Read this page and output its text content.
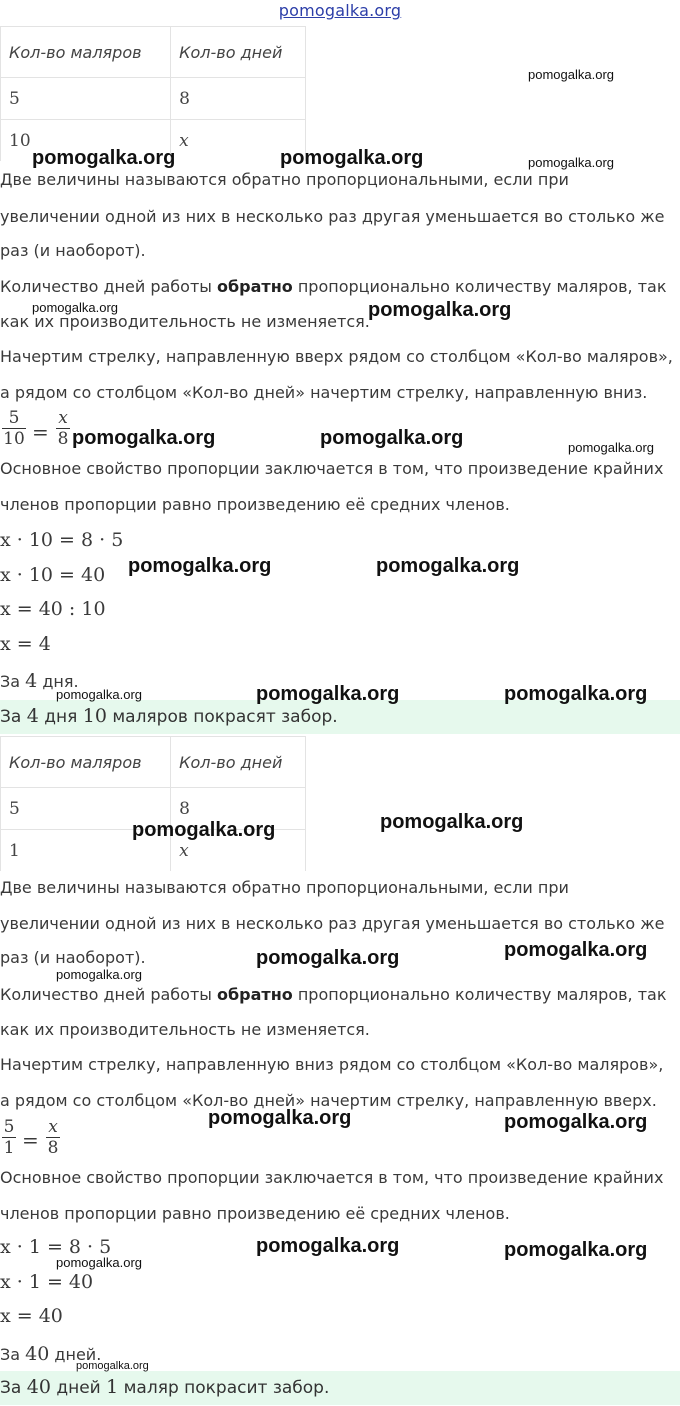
pomogalka.org
Кол-во маляров	Кол-во дней
5	8
10	x
Две величины называются обратно пропорциональными, если при
увеличении одной из них в несколько раз другая уменьшается во столько же
раз (и наоборот).
Количество дней работы обратно пропорционально количеству маляров, так
как их производительность не изменяется.
Начертим стрелку, направленную вверх рядом со столбцом «Кол-во маляров»,
а рядом со столбцом «Кол-во дней» начертим стрелку, направленную вниз.
5
10 =
x
8
Основное свойство пропорции заключается в том, что произведение крайних
членов пропорции равно произведению её средних членов.
x · 10 = 8 · 5
x · 10 = 40
x = 40 : 10
x = 4
За 4 дня.
За 4 дня 10 маляров покрасят забор.
Кол-во маляров	Кол-во дней
5	8
1	x
Две величины называются обратно пропорциональными, если при
увеличении одной из них в несколько раз другая уменьшается во столько же
раз (и наоборот).
Количество дней работы обратно пропорционально количеству маляров, так
как их производительность не изменяется.
Начертим стрелку, направленную вниз рядом со столбцом «Кол-во маляров»,
а рядом со столбцом «Кол-во дней» начертим стрелку, направленную вверх.
5
1 =
x
8
Основное свойство пропорции заключается в том, что произведение крайних
членов пропорции равно произведению её средних членов.
x · 1 = 8 · 5
x · 1 = 40
x = 40
За 40 дней.
За 40 дней 1 маляр покрасит забор.
pomogalka.org
pomogalka.org	pomogalka.org	pomogalka.org
pomogalka.org	pomogalka.org
pomogalka.org	pomogalka.org	pomogalka.org
pomogalka.org	pomogalka.org
pomogalka.org	pomogalka.org	pomogalka.org
pomogalka.org
pomogalka.org
pomogalka.org
pomogalka.org
pomogalka.org
pomogalka.org	pomogalka.org
pomogalka.org	pomogalka.org
pomogalka.org
pomogalka.org
